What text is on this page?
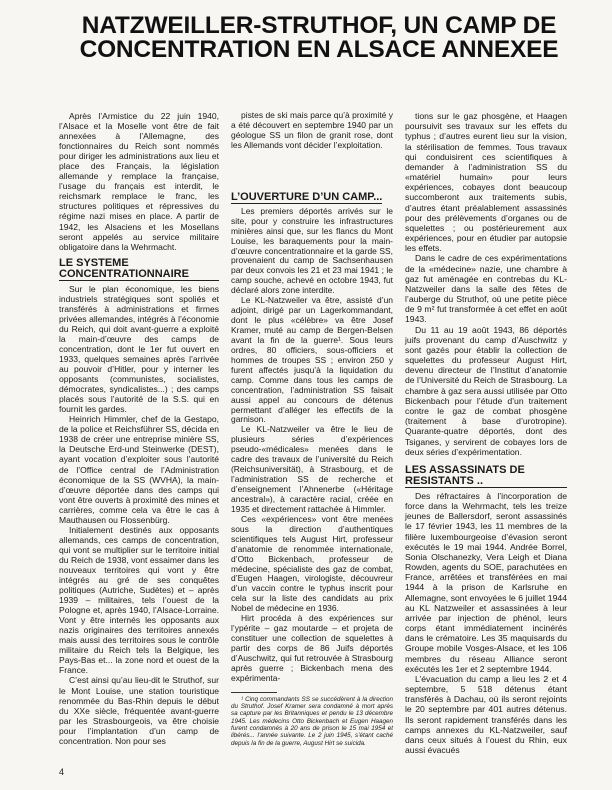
NATZWEILLER-STRUTHOF, UN CAMP DE CONCENTRATION EN ALSACE ANNEXEE

Après l’Armistice du 22 juin 1940, l’Alsace et la Moselle vont être de fait annexées à l’Allemagne, des fonctionnaires du Reich sont nommés pour diriger les administrations aux lieu et place des Français, la législation allemande y remplace la française, l’usage du français est interdit, le reichsmark remplace le franc, les structures politiques et répressives du régime nazi mises en place. A partir de 1942, les Alsaciens et les Mosellans seront appelés au service militaire obligatoire dans la Wehrmacht.

LE SYSTEME CONCENTRATIONNAIRE

Sur le plan économique, les biens industriels stratégiques sont spoliés et transférés à administrations et firmes privées allemandes, intégrés à l’économie du Reich, qui doit avant-guerre a exploité la main-d’œuvre des camps de concentration, dont le 1er fut ouvert en 1933, quelques semaines après l’arrivée au pouvoir d’Hitler, pour y interner les opposants (communistes, socialistes, démocrates, syndicalistes...) ; des camps placés sous l’autorité de la S.S. qui en fournit les gardes.

Heinrich Himmler, chef de la Gestapo, de la police et Reichsführer SS, décida en 1938 de créer une entreprise minière SS, la Deutsche Erd-und Steinwerke (DEST), ayant vocation d’exploiter sous l’autorité de l’Office central de l’Administration économique de la SS (WVHA), la main-d’œuvre déportée dans des camps qui vont être ouverts à proximité des mines et carrières, comme cela va être le cas à Mauthausen ou Flossenbürg.

Initialement destinés aux opposants allemands, ces camps de concentration, qui vont se multiplier sur le territoire initial du Reich de 1938, vont essaimer dans les nouveaux territoires qui vont y être intégrés au gré de ses conquêtes politiques (Autriche, Sudètes) et – après 1939 – militaires, tels l’ouest de la Pologne et, après 1940, l’Alsace-Lorraine. Vont y être internés les opposants aux nazis originaires des territoires annexés mais aussi des territoires sous le contrôle militaire du Reich tels la Belgique, les Pays-Bas et... la zone nord et ouest de la France.

C’est ainsi qu’au lieu-dit le Struthof, sur le Mont Louise, une station touristique renommée du Bas-Rhin depuis le début du XXe siècle, fréquentée avant-guerre par les Strasbourgeois, va être choisie pour l’implantation d’un camp de concentration. Non pour ses

pistes de ski mais parce qu’à proximité y a été découvert en septembre 1940 par un géologue SS un filon de granit rose, dont les Allemands vont décider l’exploitation.

L’OUVERTURE D’UN CAMP...

Les premiers déportés arrivés sur le site, pour y construire les infrastructures minières ainsi que, sur les flancs du Mont Louise, les baraquements pour la main-d’œuvre concentrationnaire et la garde SS, provenaient du camp de Sachsenhausen par deux convois les 21 et 23 mai 1941 ; le camp souche, achevé en octobre 1943, fut déclaré alors zone interdite.

Le KL-Natzweiler va être, assisté d’un adjoint, dirigé par un Lagerkommandant, dont le plus «célèbre» va être Josef Kramer, muté au camp de Bergen-Belsen avant la fin de la guerre¹. Sous leurs ordres, 80 officiers, sous-officiers et hommes de troupes SS ; environ 250 y furent affectés jusqu’à la liquidation du camp. Comme dans tous les camps de concentration, l’administration SS faisait aussi appel au concours de détenus permettant d’alléger les effectifs de la garnison.

Le KL-Natzweiler va être le lieu de plusieurs séries d’expériences pseudo-«médicales» menées dans le cadre des travaux de l’université du Reich (Reichsuniversität), à Strasbourg, et de l’administration SS de recherche et d’enseignement l’Ahnenerbe («Héritage ancestral»), à caractère racial, créée en 1935 et directement rattachée à Himmler.

Ces «expériences» vont être menées sous la direction d’authentiques scientifiques tels August Hirt, professeur d’anatomie de renommée internationale, d’Otto Bickenbach, professeur de médecine, spécialiste des gaz de combat, d’Eugen Haagen, virologiste, découvreur d’un vaccin contre le typhus inscrit pour cela sur la liste des candidats au prix Nobel de médecine en 1936.

Hirt procéda à des expériences sur l’ypérite – gaz moutarde – et projeta de constituer une collection de squelettes à partir des corps de 86 Juifs déportés d’Auschwitz, qui fut retrouvée à Strasbourg après guerre ; Bickenbach mena des expérimenta-

¹ Cinq commandants SS se succédèrent à la direction du Struthof. Josef Kramer sera condamné à mort après sa capture par les Britanniques et pendu le 13 décembre 1945. Les médecins Otto Bickenbach et Eugen Haagen furent condamnés à 20 ans de prison le 15 mai 1954 et libérés... l’année suivante. Le 2 juin 1945, s’étant caché depuis la fin de la guerre, August Hirt se suicida.

tions sur le gaz phosgène, et Haagen poursuivit ses travaux sur les effets du typhus ; d’autres eurent lieu sur la vision, la stérilisation de femmes. Tous travaux qui conduisirent ces scientifiques à demander à l’administration SS du «matériel humain» pour leurs expériences, cobayes dont beaucoup succomberont aux traitements subis, d’autres étant préalablement assassinés pour des prélèvements d’organes ou de squelettes ; ou postérieurement aux expériences, pour en étudier par autopsie les effets.

Dans le cadre de ces expérimentations de la «médecine» nazie, une chambre à gaz fut aménagée en contrebas du KL-Natzweiler dans la salle des fêtes de l’auberge du Struthof, où une petite pièce de 9 m² fut transformée à cet effet en août 1943.

Du 11 au 19 août 1943, 86 déportés juifs provenant du camp d’Auschwitz y sont gazés pour établir la collection de squelettes du professeur August Hirt, devenu directeur de l’Institut d’anatomie de l’Université du Reich de Strasbourg. La chambre à gaz sera aussi utilisée par Otto Bickenbach pour l’étude d’un traitement contre le gaz de combat phosgène (traitement à base d’urotropine). Quarante-quatre déportés, dont des Tsiganes, y servirent de cobayes lors de deux séries d’expérimentation.

LES ASSASSINATS DE RESISTANTS ..

Des réfractaires à l’incorporation de force dans la Wehrmacht, tels les treize jeunes de Ballersdorf, seront assassinés le 17 février 1943, les 11 membres de la filière luxembourgeoise d’évasion seront exécutés le 19 mai 1944. Andrée Borrel, Sonia Olschanezky, Vera Leigh et Diana Rowden, agents du SOE, parachutées en France, arrêtées et transférées en mai 1944 à la prison de Karlsruhe en Allemagne, sont envoyées le 6 juillet 1944 au KL Natzweiler et assassinées à leur arrivée par injection de phénol, leurs corps étant immédiatement incinérés dans le crématoire. Les 35 maquisards du Groupe mobile Vosges-Alsace, et les 106 membres du réseau Alliance seront exécutés les 1er et 2 septembre 1944.

L’évacuation du camp a lieu les 2 et 4 septembre, 5 518 détenus étant transférés à Dachau, où ils seront rejoints le 20 septembre par 401 autres détenus. Ils seront rapidement transférés dans les camps annexes du KL-Natzweiler, sauf dans ceux situés à l’ouest du Rhin, eux aussi évacués

4
